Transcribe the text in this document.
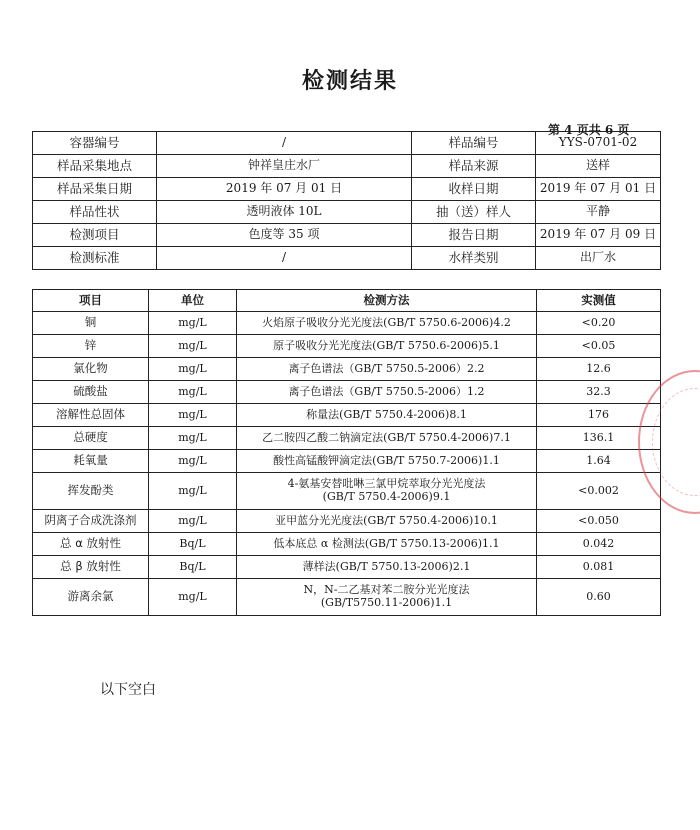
检测结果
第 4 页共 6 页
容器编号	/	样品编号	YYS-0701-02
样品采集地点	钟祥皇庄水厂	样品来源	送样
样品采集日期	2019 年 07 月 01 日	收样日期	2019 年 07 月 01 日
样品性状	透明液体 10L	抽（送）样人	平静
检测项目	色度等 35 项	报告日期	2019 年 07 月 09 日
检测标准	/	水样类别	出厂水
项目	单位	检测方法	实测值
铜	mg/L	火焰原子吸收分光光度法(GB/T 5750.6-2006)4.2	<0.20
锌	mg/L	原子吸收分光光度法(GB/T 5750.6-2006)5.1	<0.05
氯化物	mg/L	离子色谱法（GB/T 5750.5-2006）2.2	12.6
硫酸盐	mg/L	离子色谱法（GB/T 5750.5-2006）1.2	32.3
溶解性总固体	mg/L	称量法(GB/T 5750.4-2006)8.1	176
总硬度	mg/L	乙二胺四乙酸二钠滴定法(GB/T 5750.4-2006)7.1	136.1
耗氧量	mg/L	酸性高锰酸钾滴定法(GB/T 5750.7-2006)1.1	1.64
挥发酚类	mg/L	4-氨基安替吡啉三氯甲烷萃取分光光度法
(GB/T 5750.4-2006)9.1	<0.002
阴离子合成洗涤剂	mg/L	亚甲蓝分光光度法(GB/T 5750.4-2006)10.1	<0.050
总 α 放射性	Bq/L	低本底总 α 检测法(GB/T 5750.13-2006)1.1	0.042
总 β 放射性	Bq/L	薄样法(GB/T 5750.13-2006)2.1	0.081
游离余氯	mg/L	N，N-二乙基对苯二胺分光光度法
(GB/T5750.11-2006)1.1	0.60
以下空白
